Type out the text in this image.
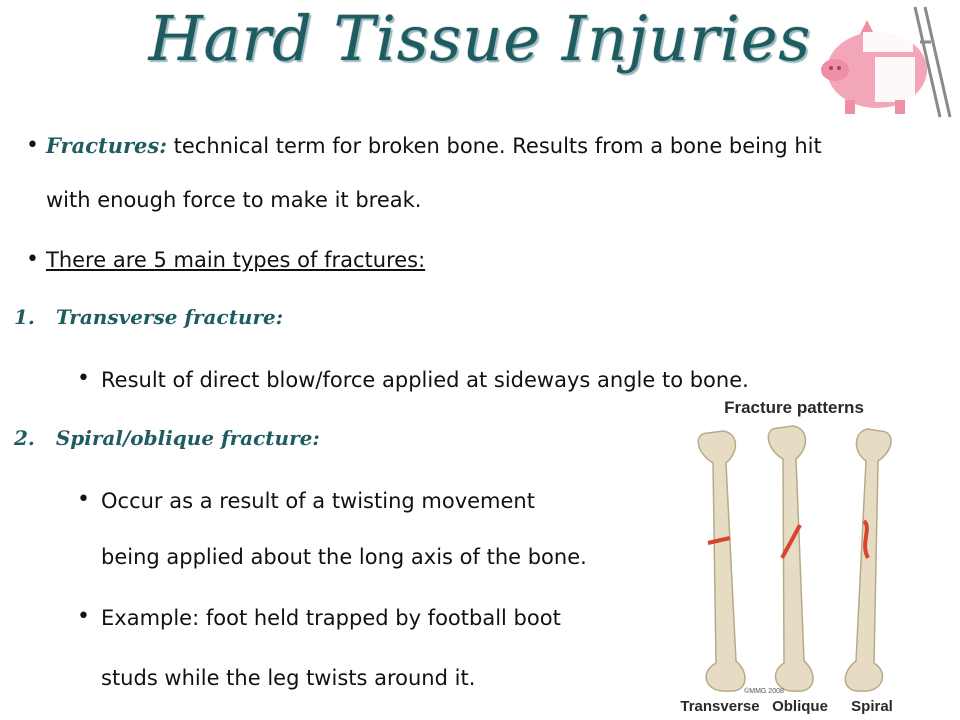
Hard Tissue Injuries
• Fractures: technical term for broken bone. Results from a bone being hit
with enough force to make it break.
• There are 5 main types of fractures:
1. Transverse fracture:
• Result of direct blow/force applied at sideways angle to bone.
2. Spiral/oblique fracture:
• Occur as a result of a twisting movement
being applied about the long axis of the bone.
• Example: foot held trapped by football boot
studs while the leg twists around it.
Fracture patterns
©MMG 2008
Transverse Oblique Spiral
